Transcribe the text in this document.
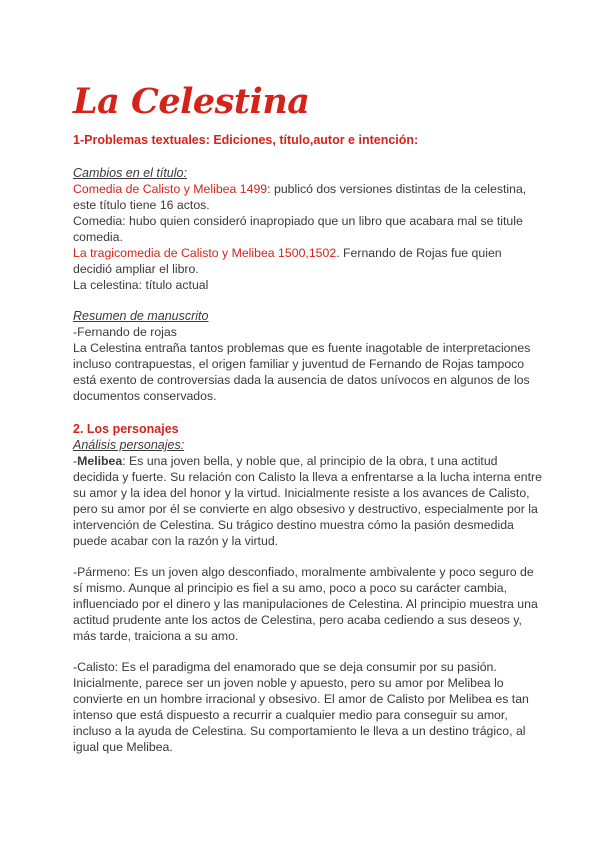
La Celestina
1-Problemas textuales: Ediciones, título,autor e intención:
Cambios en el título:

Comedia de Calisto y Melibea 1499: publicó dos versiones distintas de la celestina, este título tiene 16 actos.

Comedia: hubo quien consideró inapropiado que un libro que acabara mal se titule comedia.

La tragicomedia de Calisto y Melibea 1500,1502. Fernando de Rojas fue quien decidió ampliar el libro.

La celestina: título actual

Resumen de manuscrito

-Fernando de rojas

La Celestina entraña tantos problemas que es fuente inagotable de interpretaciones incluso contrapuestas, el origen familiar y juventud de Fernando de Rojas tampoco está exento de controversias dada la ausencia de datos unívocos en algunos de los documentos conservados.

2. Los personajes
Análisis personajes:

-Melibea: Es una joven bella, y noble que, al principio de la obra, t una actitud decidida y fuerte. Su relación con Calisto la lleva a enfrentarse a la lucha interna entre su amor y la idea del honor y la virtud. Inicialmente resiste a los avances de Calisto, pero su amor por él se convierte en algo obsesivo y destructivo, especialmente por la intervención de Celestina. Su trágico destino muestra cómo la pasión desmedida puede acabar con la razón y la virtud.

-Pármeno: Es un joven algo desconfiado, moralmente ambivalente y poco seguro de sí mismo. Aunque al principio es fiel a su amo, poco a poco su carácter cambia, influenciado por el dinero y las manipulaciones de Celestina. Al principio muestra una actitud prudente ante los actos de Celestina, pero acaba cediendo a sus deseos y, más tarde, traiciona a su amo.

-Calisto: Es el paradigma del enamorado que se deja consumir por su pasión. Inicialmente, parece ser un joven noble y apuesto, pero su amor por Melibea lo convierte en un hombre irracional y obsesivo. El amor de Calisto por Melibea es tan intenso que está dispuesto a recurrir a cualquier medio para conseguir su amor, incluso a la ayuda de Celestina. Su comportamiento le lleva a un destino trágico, al igual que Melibea.
